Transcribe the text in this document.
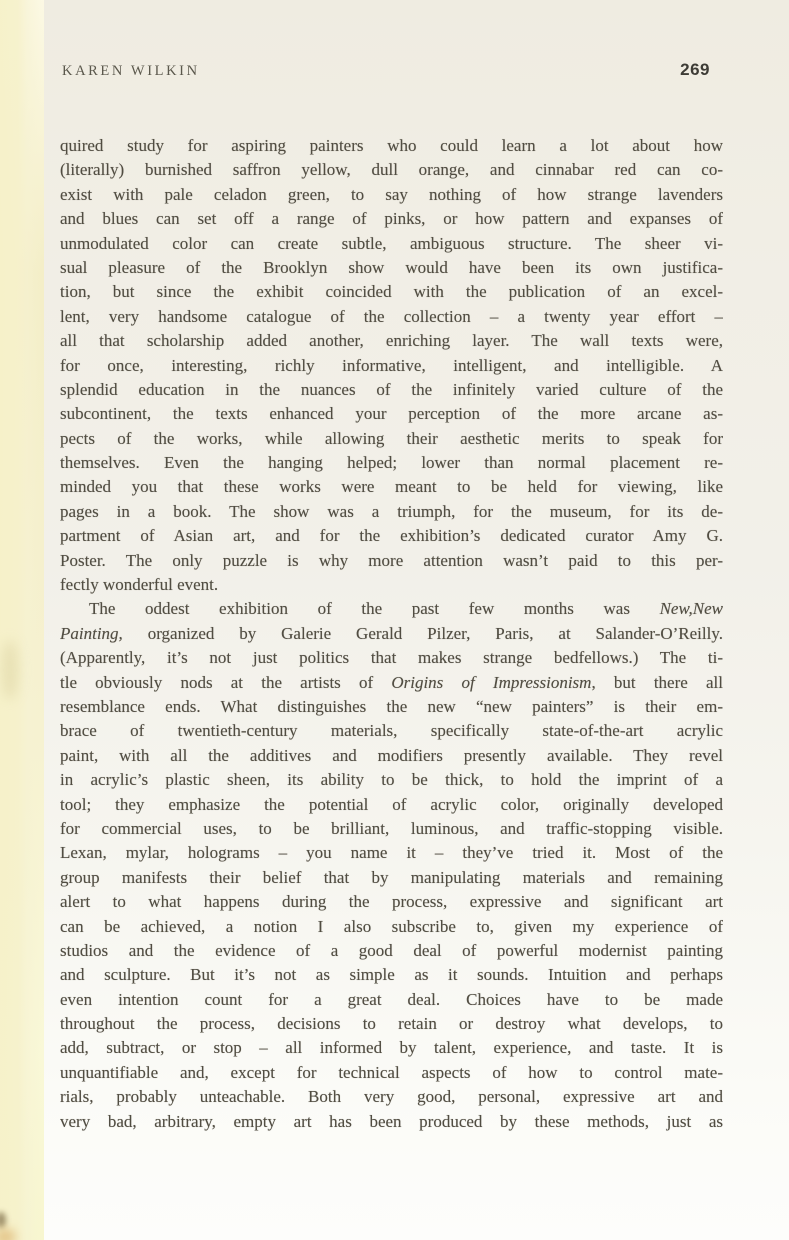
KAREN WILKIN	269
quired study for aspiring painters who could learn a lot about how
(literally) burnished saffron yellow, dull orange, and cinnabar red can co-
exist with pale celadon green, to say nothing of how strange lavenders
and blues can set off a range of pinks, or how pattern and expanses of
unmodulated color can create subtle, ambiguous structure. The sheer vi-
sual pleasure of the Brooklyn show would have been its own justifica-
tion, but since the exhibit coincided with the publication of an excel-
lent, very handsome catalogue of the collection – a twenty year effort –
all that scholarship added another, enriching layer. The wall texts were,
for once, interesting, richly informative, intelligent, and intelligible. A
splendid education in the nuances of the infinitely varied culture of the
subcontinent, the texts enhanced your perception of the more arcane as-
pects of the works, while allowing their aesthetic merits to speak for
themselves. Even the hanging helped; lower than normal placement re-
minded you that these works were meant to be held for viewing, like
pages in a book. The show was a triumph, for the museum, for its de-
partment of Asian art, and for the exhibition’s dedicated curator Amy G.
Poster. The only puzzle is why more attention wasn’t paid to this per-
fectly wonderful event.
The oddest exhibition of the past few months was New,New
Painting, organized by Galerie Gerald Pilzer, Paris, at Salander-O’Reilly.
(Apparently, it’s not just politics that makes strange bedfellows.) The ti-
tle obviously nods at the artists of Origins of Impressionism, but there all
resemblance ends. What distinguishes the new “new painters” is their em-
brace of twentieth-century materials, specifically state-of-the-art acrylic
paint, with all the additives and modifiers presently available. They revel
in acrylic’s plastic sheen, its ability to be thick, to hold the imprint of a
tool; they emphasize the potential of acrylic color, originally developed
for commercial uses, to be brilliant, luminous, and traffic-stopping visible.
Lexan, mylar, holograms – you name it – they’ve tried it. Most of the
group manifests their belief that by manipulating materials and remaining
alert to what happens during the process, expressive and significant art
can be achieved, a notion I also subscribe to, given my experience of
studios and the evidence of a good deal of powerful modernist painting
and sculpture. But it’s not as simple as it sounds. Intuition and perhaps
even intention count for a great deal. Choices have to be made
throughout the process, decisions to retain or destroy what develops, to
add, subtract, or stop – all informed by talent, experience, and taste. It is
unquantifiable and, except for technical aspects of how to control mate-
rials, probably unteachable. Both very good, personal, expressive art and
very bad, arbitrary, empty art has been produced by these methods, just as
